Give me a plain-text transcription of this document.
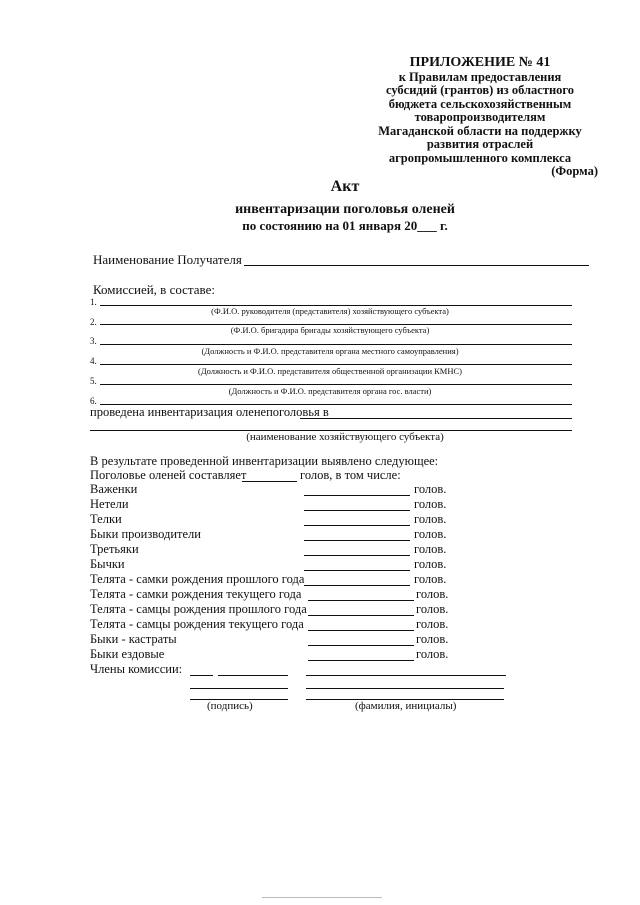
ПРИЛОЖЕНИЕ № 41
к Правилам предоставления
субсидий (грантов) из областного
бюджета сельскохозяйственным
товаропроизводителям
Магаданской области на поддержку
развития отраслей
агропромышленного комплекса
(Форма)
Акт
инвентаризации поголовья оленей
по состоянию на 01 января 20___ г.
Наименование Получателя
Комиссией, в составе:
1.
(Ф.И.О. руководителя (представителя) хозяйствующего субъекта)
2.
(Ф.И.О. бригадира бригады хозяйствующего субъекта)
3.
(Должность и Ф.И.О. представителя органа местного самоуправления)
4.
(Должность и Ф.И.О. представителя общественной организации КМНС)
5.
(Должность и Ф.И.О. представителя органа гос. власти)
6.
проведена инвентаризация оленепоголовья в
(наименование хозяйствующего субъекта)
В результате проведенной инвентаризации выявлено следующее:
Поголовье оленей составляет	голов, в том числе:
Важенки	голов.
Нетели	голов.
Телки	голов.
Быки производители	голов.
Третьяки	голов.
Бычки	голов.
Телята - самки рождения прошлого года	голов.
Телята - самки рождения текущего года	голов.
Телята - самцы рождения прошлого года	голов.
Телята - самцы рождения текущего года	голов.
Быки - кастраты	голов.
Быки ездовые	голов.
Члены комиссии:
(подпись)	(фамилия, инициалы)
